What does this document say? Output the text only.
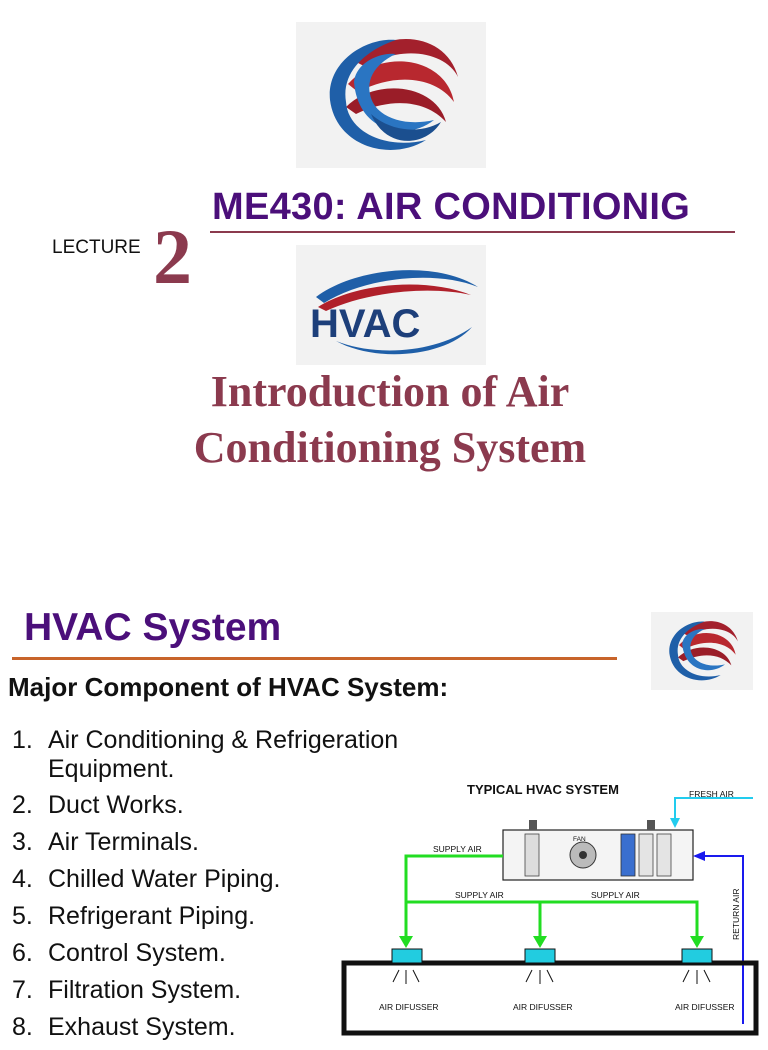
ME430: AIR CONDITIONIG
LECTURE 2
HVAC
Introduction of Air
Conditioning System
HVAC System
Major Component of HVAC System:
1. Air Conditioning & Refrigeration Equipment.
2. Duct Works.
3. Air Terminals.
4. Chilled Water Piping.
5. Refrigerant Piping.
6. Control System.
7. Filtration System.
8. Exhaust System.
TYPICAL HVAC SYSTEM	FRESH AIR
FAN
SUPPLY AIR
SUPPLY AIR	SUPPLY AIR	RETURN AIR
AIR DIFUSSER	AIR DIFUSSER	AIR DIFUSSER
